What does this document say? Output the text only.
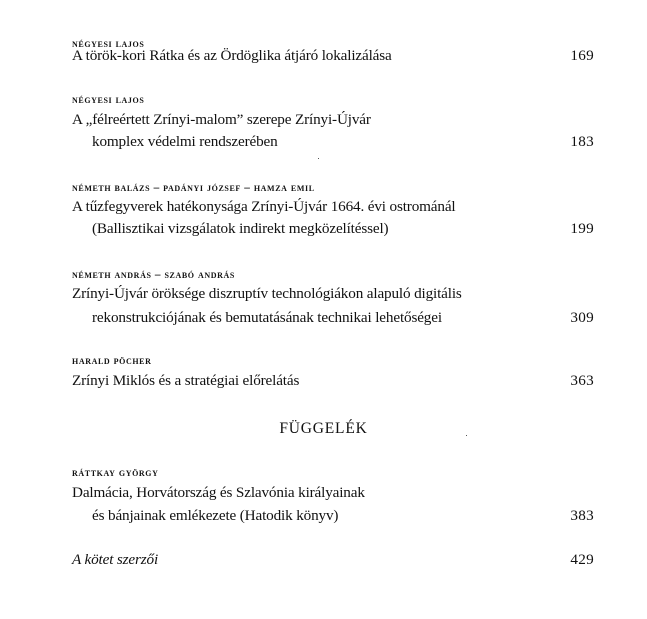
négyesi lajos
A török-kori Rátka és az Ördöglika átjáró lokalizálása	169
négyesi lajos
A „félreértett Zrínyi-malom” szerepe Zrínyi-Újvár
komplex védelmi rendszerében	183
németh balázs – padányi józsef – hamza emil
A tűzfegyverek hatékonysága Zrínyi-Újvár 1664. évi ostrománál
(Ballisztikai vizsgálatok indirekt megközelítéssel)	199
németh andrás – szabó andrás
Zrínyi-Újvár öröksége diszruptív technológiákon alapuló digitális
rekonstrukciójának és bemutatásának technikai lehetőségei	309
harald pöcher
Zrínyi Miklós és a stratégiai előrelátás	363
FÜGGELÉK
ráttkay györgy
Dalmácia, Horvátország és Szlavónia királyainak
és bánjainak emlékezete (Hatodik könyv)	383
A kötet szerzői	429
